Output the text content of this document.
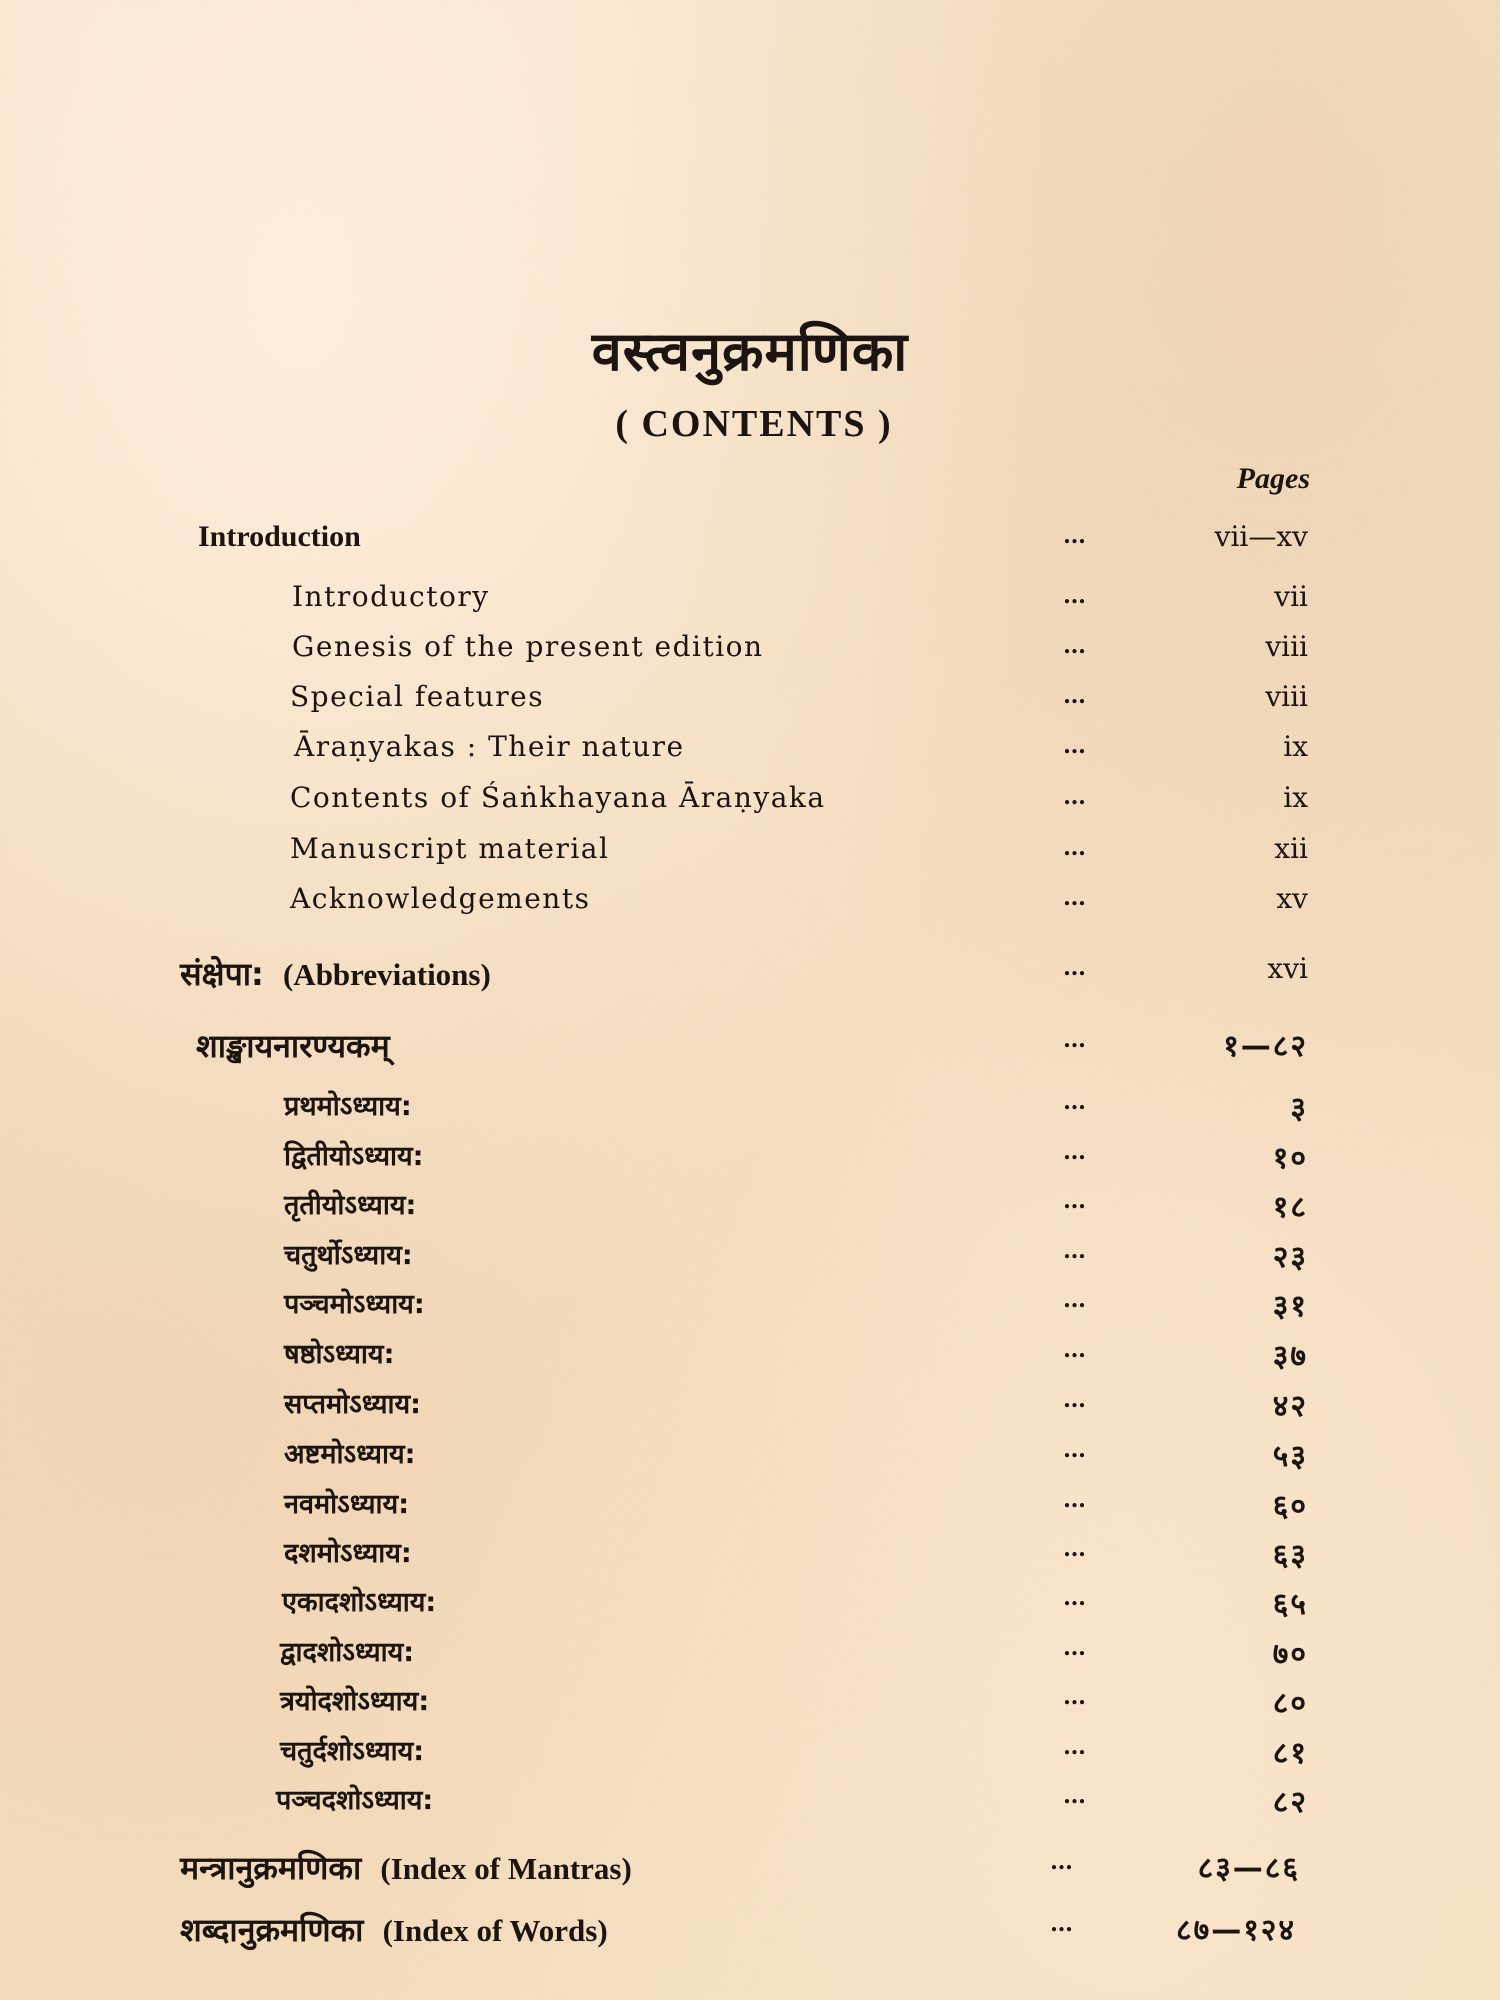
वस्त्वनुक्रमणिका
( CONTENTS )
Pages
Introduction	...	vii—xv
Introductory	...	vii
Genesis of the present edition	...	viii
Special features	...	viii
Āraṇyakas : Their nature	...	ix
Contents of Śaṅkhayana Āraṇyaka	...	ix
Manuscript material	...	xii
Acknowledgements	...	xv
संक्षेपा: (Abbreviations)	...	xvi
शाङ्खायनारण्यकम्	...	१—८२
प्रथमोऽध्याय:	...	३
द्वितीयोऽध्याय:	...	१०
तृतीयोऽध्याय:	...	१८
चतुर्थोऽध्याय:	...	२३
पञ्चमोऽध्याय:	...	३१
षष्ठोऽध्याय:	...	३७
सप्तमोऽध्याय:	...	४२
अष्टमोऽध्याय:	...	५३
नवमोऽध्याय:	...	६०
दशमोऽध्याय:	...	६३
एकादशोऽध्याय:	...	६५
द्वादशोऽध्याय:	...	७०
त्रयोदशोऽध्याय:	...	८०
चतुर्दशोऽध्याय:	...	८१
पञ्चदशोऽध्याय:	...	८२
मन्त्रानुक्रमणिका (Index of Mantras)	...	८३—८६
शब्दानुक्रमणिका (Index of Words)	...	८७—१२४
